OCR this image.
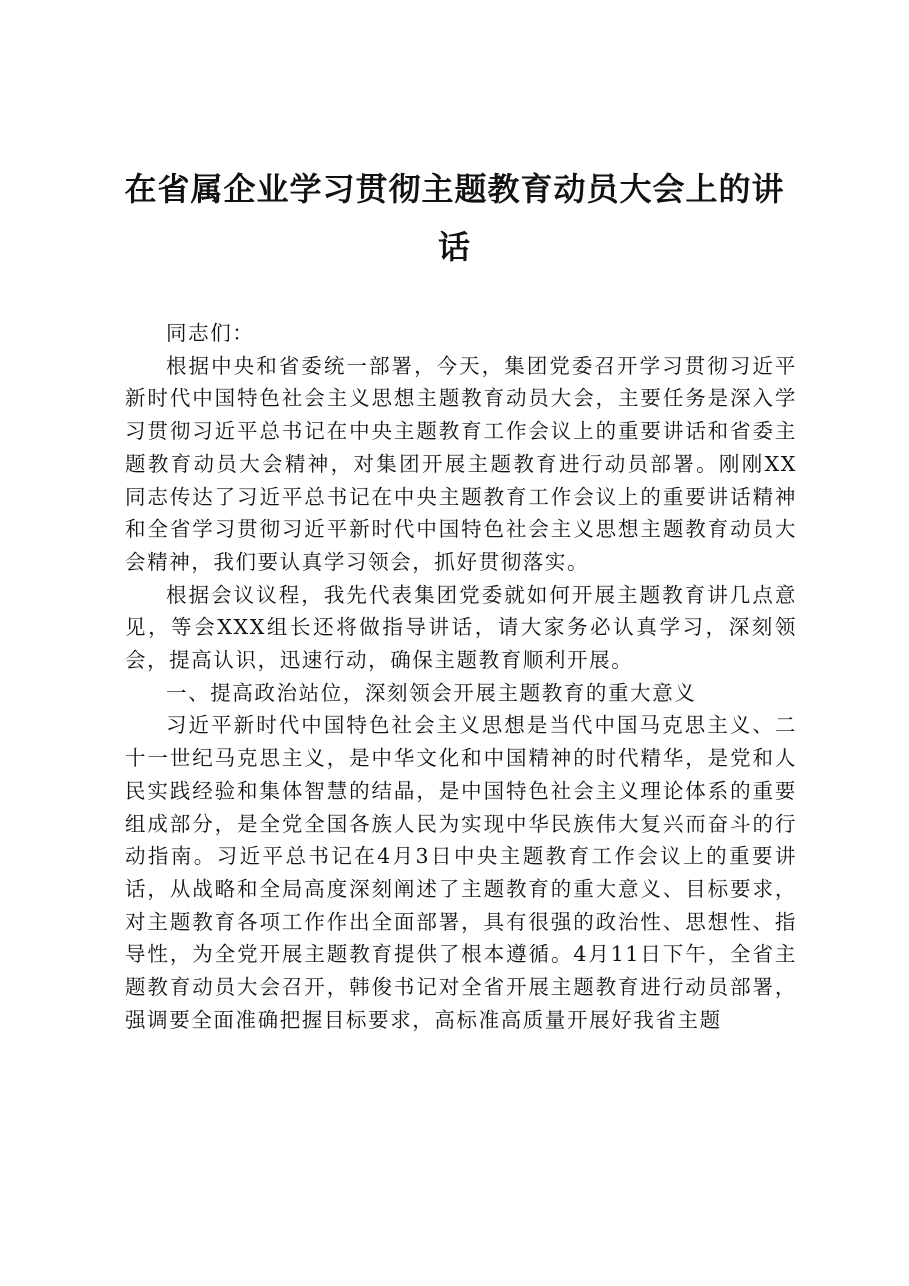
在省属企业学习贯彻主题教育动员大会上的讲话

同志们：

根据中央和省委统一部署，今天，集团党委召开学习贯彻习近平新时代中国特色社会主义思想主题教育动员大会，主要任务是深入学习贯彻习近平总书记在中央主题教育工作会议上的重要讲话和省委主题教育动员大会精神，对集团开展主题教育进行动员部署。刚刚XX同志传达了习近平总书记在中央主题教育工作会议上的重要讲话精神和全省学习贯彻习近平新时代中国特色社会主义思想主题教育动员大会精神，我们要认真学习领会，抓好贯彻落实。

根据会议议程，我先代表集团党委就如何开展主题教育讲几点意见，等会XXX组长还将做指导讲话，请大家务必认真学习，深刻领会，提高认识，迅速行动，确保主题教育顺利开展。

一、提高政治站位，深刻领会开展主题教育的重大意义

习近平新时代中国特色社会主义思想是当代中国马克思主义、二十一世纪马克思主义，是中华文化和中国精神的时代精华，是党和人民实践经验和集体智慧的结晶，是中国特色社会主义理论体系的重要组成部分，是全党全国各族人民为实现中华民族伟大复兴而奋斗的行动指南。习近平总书记在4月3日中央主题教育工作会议上的重要讲话，从战略和全局高度深刻阐述了主题教育的重大意义、目标要求，对主题教育各项工作作出全面部署，具有很强的政治性、思想性、指导性，为全党开展主题教育提供了根本遵循。4月11日下午，全省主题教育动员大会召开，韩俊书记对全省开展主题教育进行动员部署，强调要全面准确把握目标要求，高标准高质量开展好我省主题
